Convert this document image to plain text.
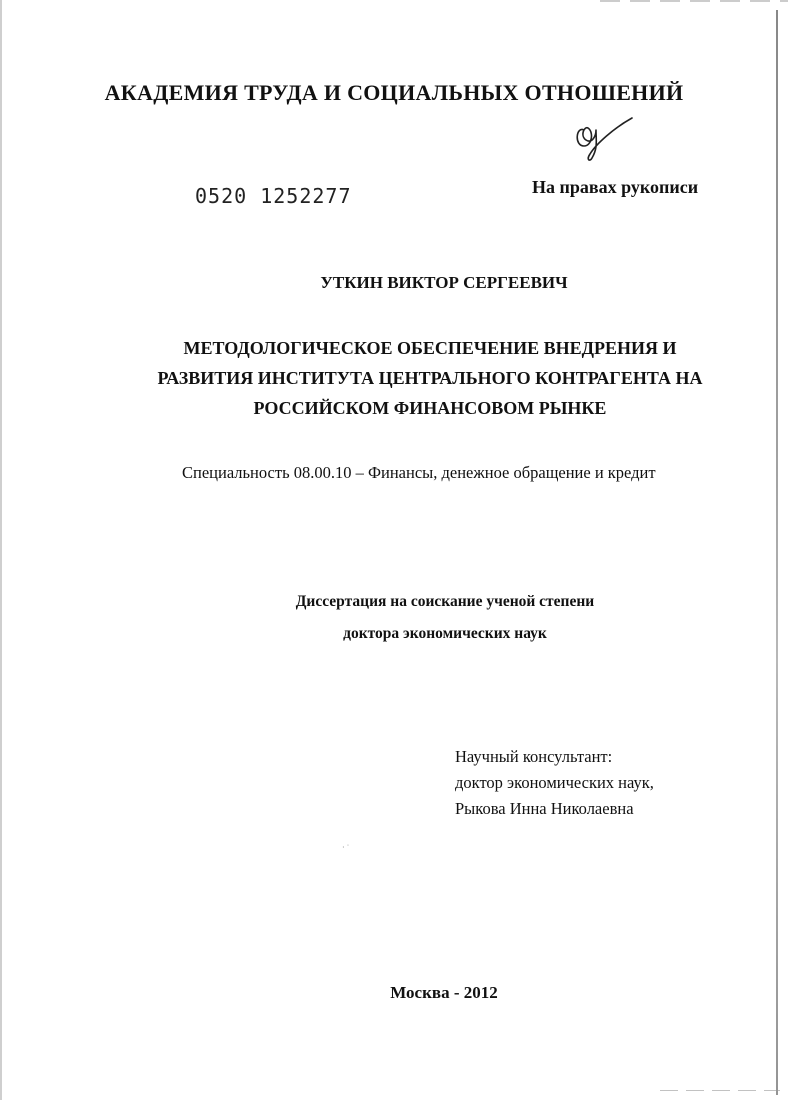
АКАДЕМИЯ ТРУДА И СОЦИАЛЬНЫХ ОТНОШЕНИЙ
0520 1252277	На правах рукописи
УТКИН ВИКТОР СЕРГЕЕВИЧ
МЕТОДОЛОГИЧЕСКОЕ ОБЕСПЕЧЕНИЕ ВНЕДРЕНИЯ И
РАЗВИТИЯ ИНСТИТУТА ЦЕНТРАЛЬНОГО КОНТРАГЕНТА НА
РОССИЙСКОМ ФИНАНСОВОМ РЫНКЕ
Специальность 08.00.10 – Финансы, денежное обращение и кредит
Диссертация на соискание ученой степени
доктора экономических наук
Научный консультант:
доктор экономических наук,
Рыкова Инна Николаевна
· ˙
Москва - 2012
